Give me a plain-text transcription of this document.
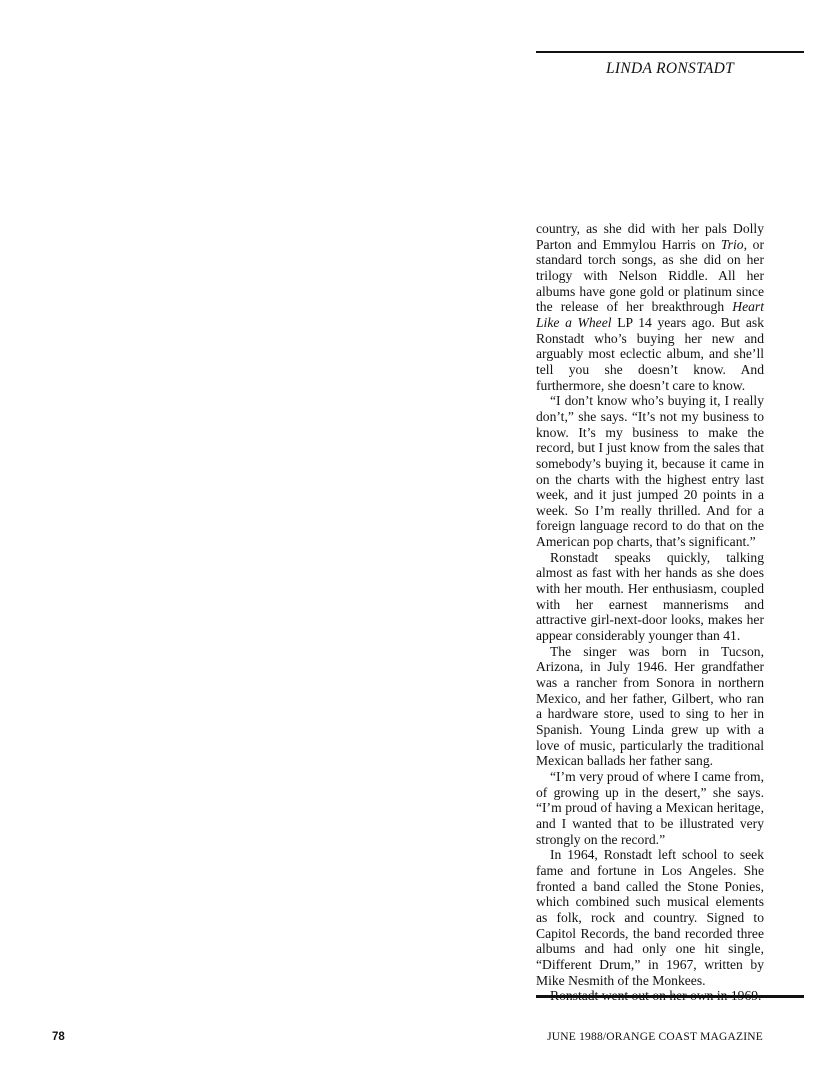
LINDA RONSTADT

country, as she did with her pals Dolly Parton and Emmylou Harris on Trio, or standard torch songs, as she did on her trilogy with Nelson Riddle. All her albums have gone gold or platinum since the release of her breakthrough Heart Like a Wheel LP 14 years ago. But ask Ronstadt who’s buying her new and arguably most eclectic album, and she’ll tell you she doesn’t know. And furthermore, she doesn’t care to know.

“I don’t know who’s buying it, I really don’t,” she says. “It’s not my business to know. It’s my business to make the record, but I just know from the sales that somebody’s buying it, because it came in on the charts with the highest entry last week, and it just jumped 20 points in a week. So I’m really thrilled. And for a foreign language record to do that on the American pop charts, that’s significant.”

Ronstadt speaks quickly, talking almost as fast with her hands as she does with her mouth. Her enthusiasm, coupled with her earnest mannerisms and attractive girl-next-door looks, makes her appear considerably younger than 41.

The singer was born in Tucson, Arizona, in July 1946. Her grandfather was a rancher from Sonora in northern Mexico, and her father, Gilbert, who ran a hardware store, used to sing to her in Spanish. Young Linda grew up with a love of music, particularly the traditional Mexican ballads her father sang.

“I’m very proud of where I came from, of growing up in the desert,” she says. “I’m proud of having a Mexican heritage, and I wanted that to be illustrated very strongly on the record.”

In 1964, Ronstadt left school to seek fame and fortune in Los Angeles. She fronted a band called the Stone Ponies, which combined such musical elements as folk, rock and country. Signed to Capitol Records, the band recorded three albums and had only one hit single, “Different Drum,” in 1967, written by Mike Nesmith of the Monkees.

Ronstadt went out on her own in 1969.

78	JUNE 1988/ORANGE COAST MAGAZINE
